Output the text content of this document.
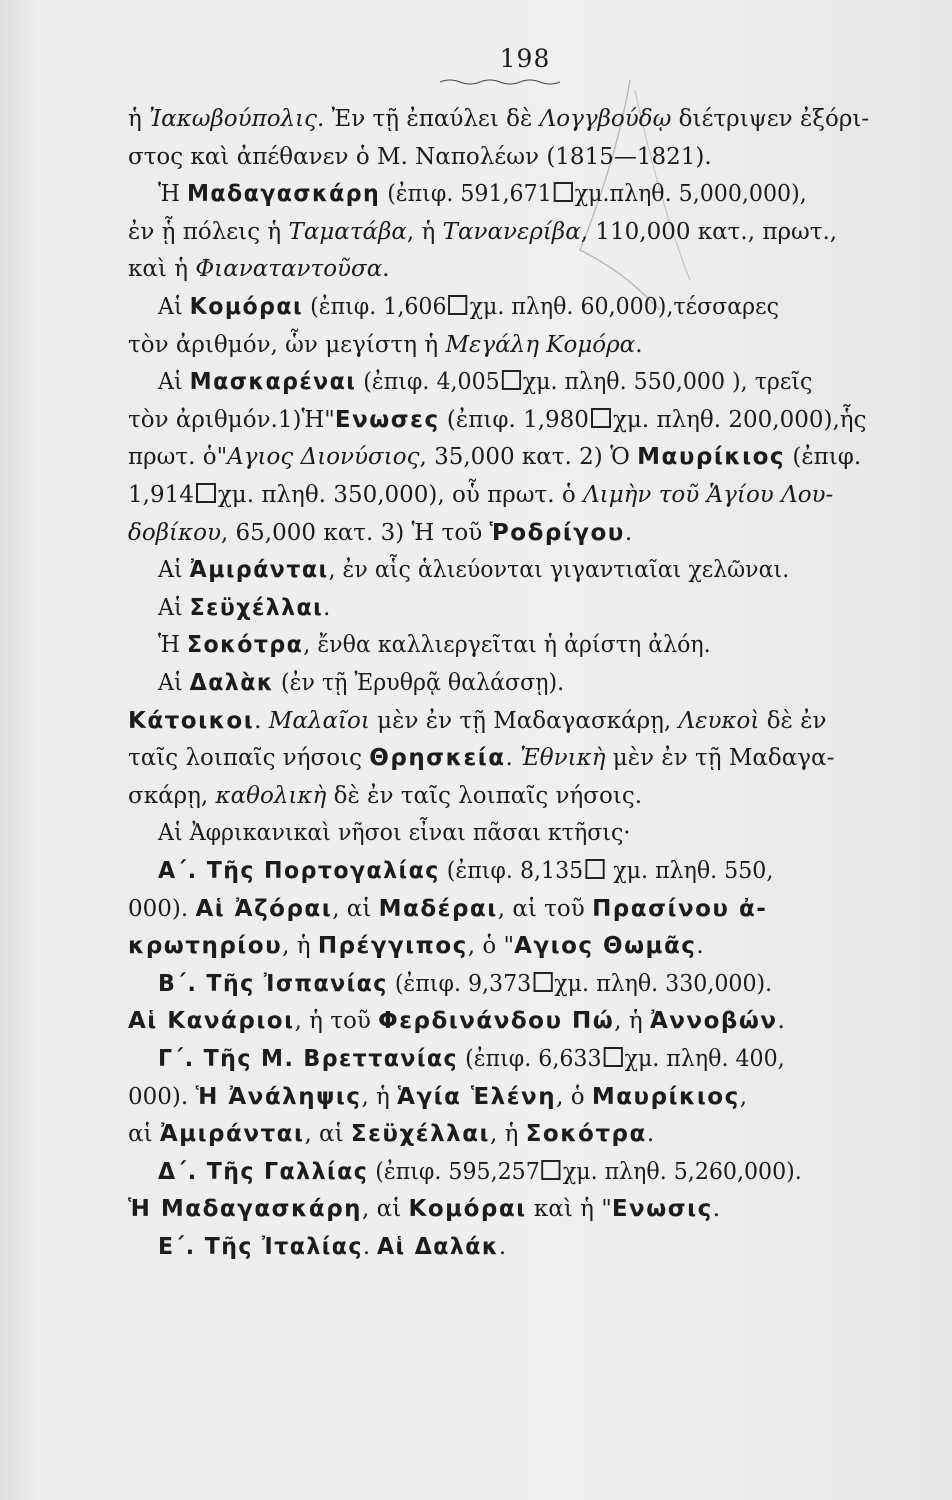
198
ἡ Ἰακωβούπολις. Ἐν τῇ ἐπαύλει δὲ Λογγβούδῳ διέτριψεν ἐξόρι-
στος καὶ ἀπέθανεν ὁ Μ. Ναπολέων (1815—1821).
Ἡ Μαδαγασκάρη (ἐπιφ. 591,671 χμ.πληθ. 5,000,000),
ἐν ᾗ πόλεις ἡ Ταματάβα, ἡ Τανανερίβα, 110,000 κατ., πρωτ.,
καὶ ἡ Φιαναταντοῦσα.
Αἱ Κομόραι (ἐπιφ. 1,606 χμ. πληθ. 60,000),τέσσαρες
τὸν ἀριθμόν, ὧν μεγίστη ἡ Μεγάλη Κομόρα.
Αἱ Μασκαρέναι (ἐπιφ. 4,005 χμ. πληθ. 550,000 ), τρεῖς
τὸν ἀριθμόν.1)Ἡ"Ενωσες (ἐπιφ. 1,980 χμ. πληθ. 200,000),ἧς
πρωτ. ὁ"Αγιος Διονύσιος, 35,000 κατ. 2) Ὁ Μαυρίκιος (ἐπιφ.
1,914 χμ. πληθ. 350,000), οὗ πρωτ. ὁ Λιμὴν τοῦ Ἁγίου Λου-
δοβίκου, 65,000 κατ. 3) Ἡ τοῦ Ῥοδρίγου.
Αἱ Ἀμιράνται, ἐν αἷς ἁλιεύονται γιγαντιαῖαι χελῶναι.
Αἱ Σεϋχέλλαι.
Ἡ Σοκότρα, ἔνθα καλλιεργεῖται ἡ ἀρίστη ἀλόη.
Αἱ Δαλὰκ (ἐν τῇ Ἐρυθρᾷ θαλάσσῃ).
Κάτοικοι. Μαλαῖοι μὲν ἐν τῇ Μαδαγασκάρῃ, Λευκοὶ δὲ ἐν
ταῖς λοιπαῖς νήσοις Θρησκεία. Ἐθνικὴ μὲν ἐν τῇ Μαδαγα-
σκάρῃ, καθολικὴ δὲ ἐν ταῖς λοιπαῖς νήσοις.
Αἱ Ἀφρικανικαὶ νῆσοι εἶναι πᾶσαι κτῆσις·
Α΄. Τῆς Πορτογαλίας (ἐπιφ. 8,135 χμ. πληθ. 550,
000). Αἱ Ἀζόραι, αἱ Μαδέραι, αἱ τοῦ Πρασίνου ἀ-
κρωτηρίου, ἡ Πρέγγιπος, ὁ "Αγιος Θωμᾶς.
Β΄. Τῆς Ἰσπανίας (ἐπιφ. 9,373 χμ. πληθ. 330,000).
Αἱ Κανάριοι, ἡ τοῦ Φερδινάνδου Πώ, ἡ Ἀννοβών.
Γ΄. Τῆς Μ. Βρεττανίας (ἐπιφ. 6,633 χμ. πληθ. 400,
000). Ἡ Ἀνάληψις, ἡ Ἁγία Ἑλένη, ὁ Μαυρίκιος,
αἱ Ἀμιράνται, αἱ Σεϋχέλλαι, ἡ Σοκότρα.
Δ΄. Τῆς Γαλλίας (ἐπιφ. 595,257 χμ. πληθ. 5,260,000).
Ἡ Μαδαγασκάρη, αἱ Κομόραι καὶ ἡ "Ενωσις.
Ε΄. Τῆς Ἰταλίας. Αἱ Δαλάκ.
